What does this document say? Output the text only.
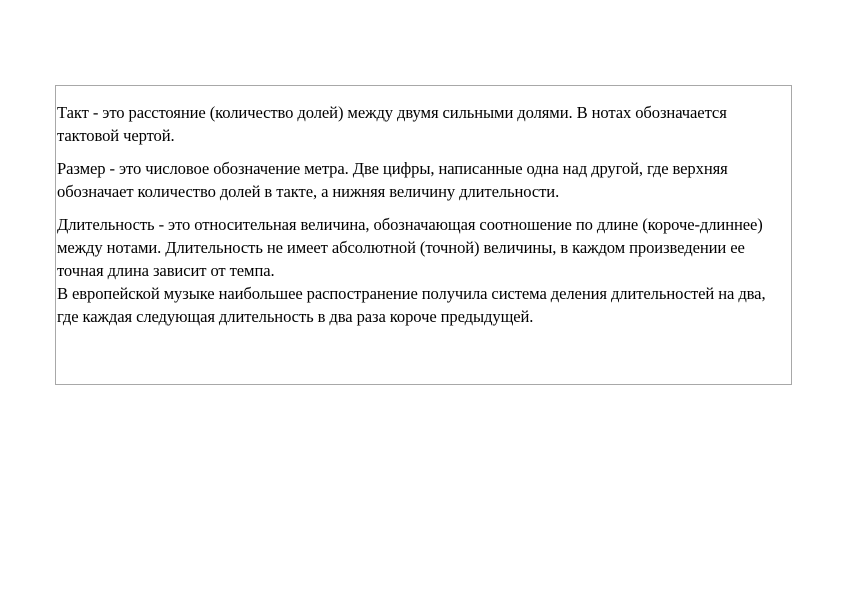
Такт - это расстояние (количество долей) между двумя сильными долями. В нотах обозначается тактовой чертой.

Размер - это числовое обозначение метра. Две цифры, написанные одна над другой, где верхняя обозначает количество долей в такте, а нижняя величину длительности.

Длительность - это относительная величина, обозначающая соотношение по длине (короче-длиннее) между нотами. Длительность не имеет абсолютной (точной) величины, в каждом произведении ее точная длина зависит от темпа.

В европейской музыке наибольшее распостранение получила система деления длительностей на два, где каждая следующая длительность в два раза короче предыдущей.
